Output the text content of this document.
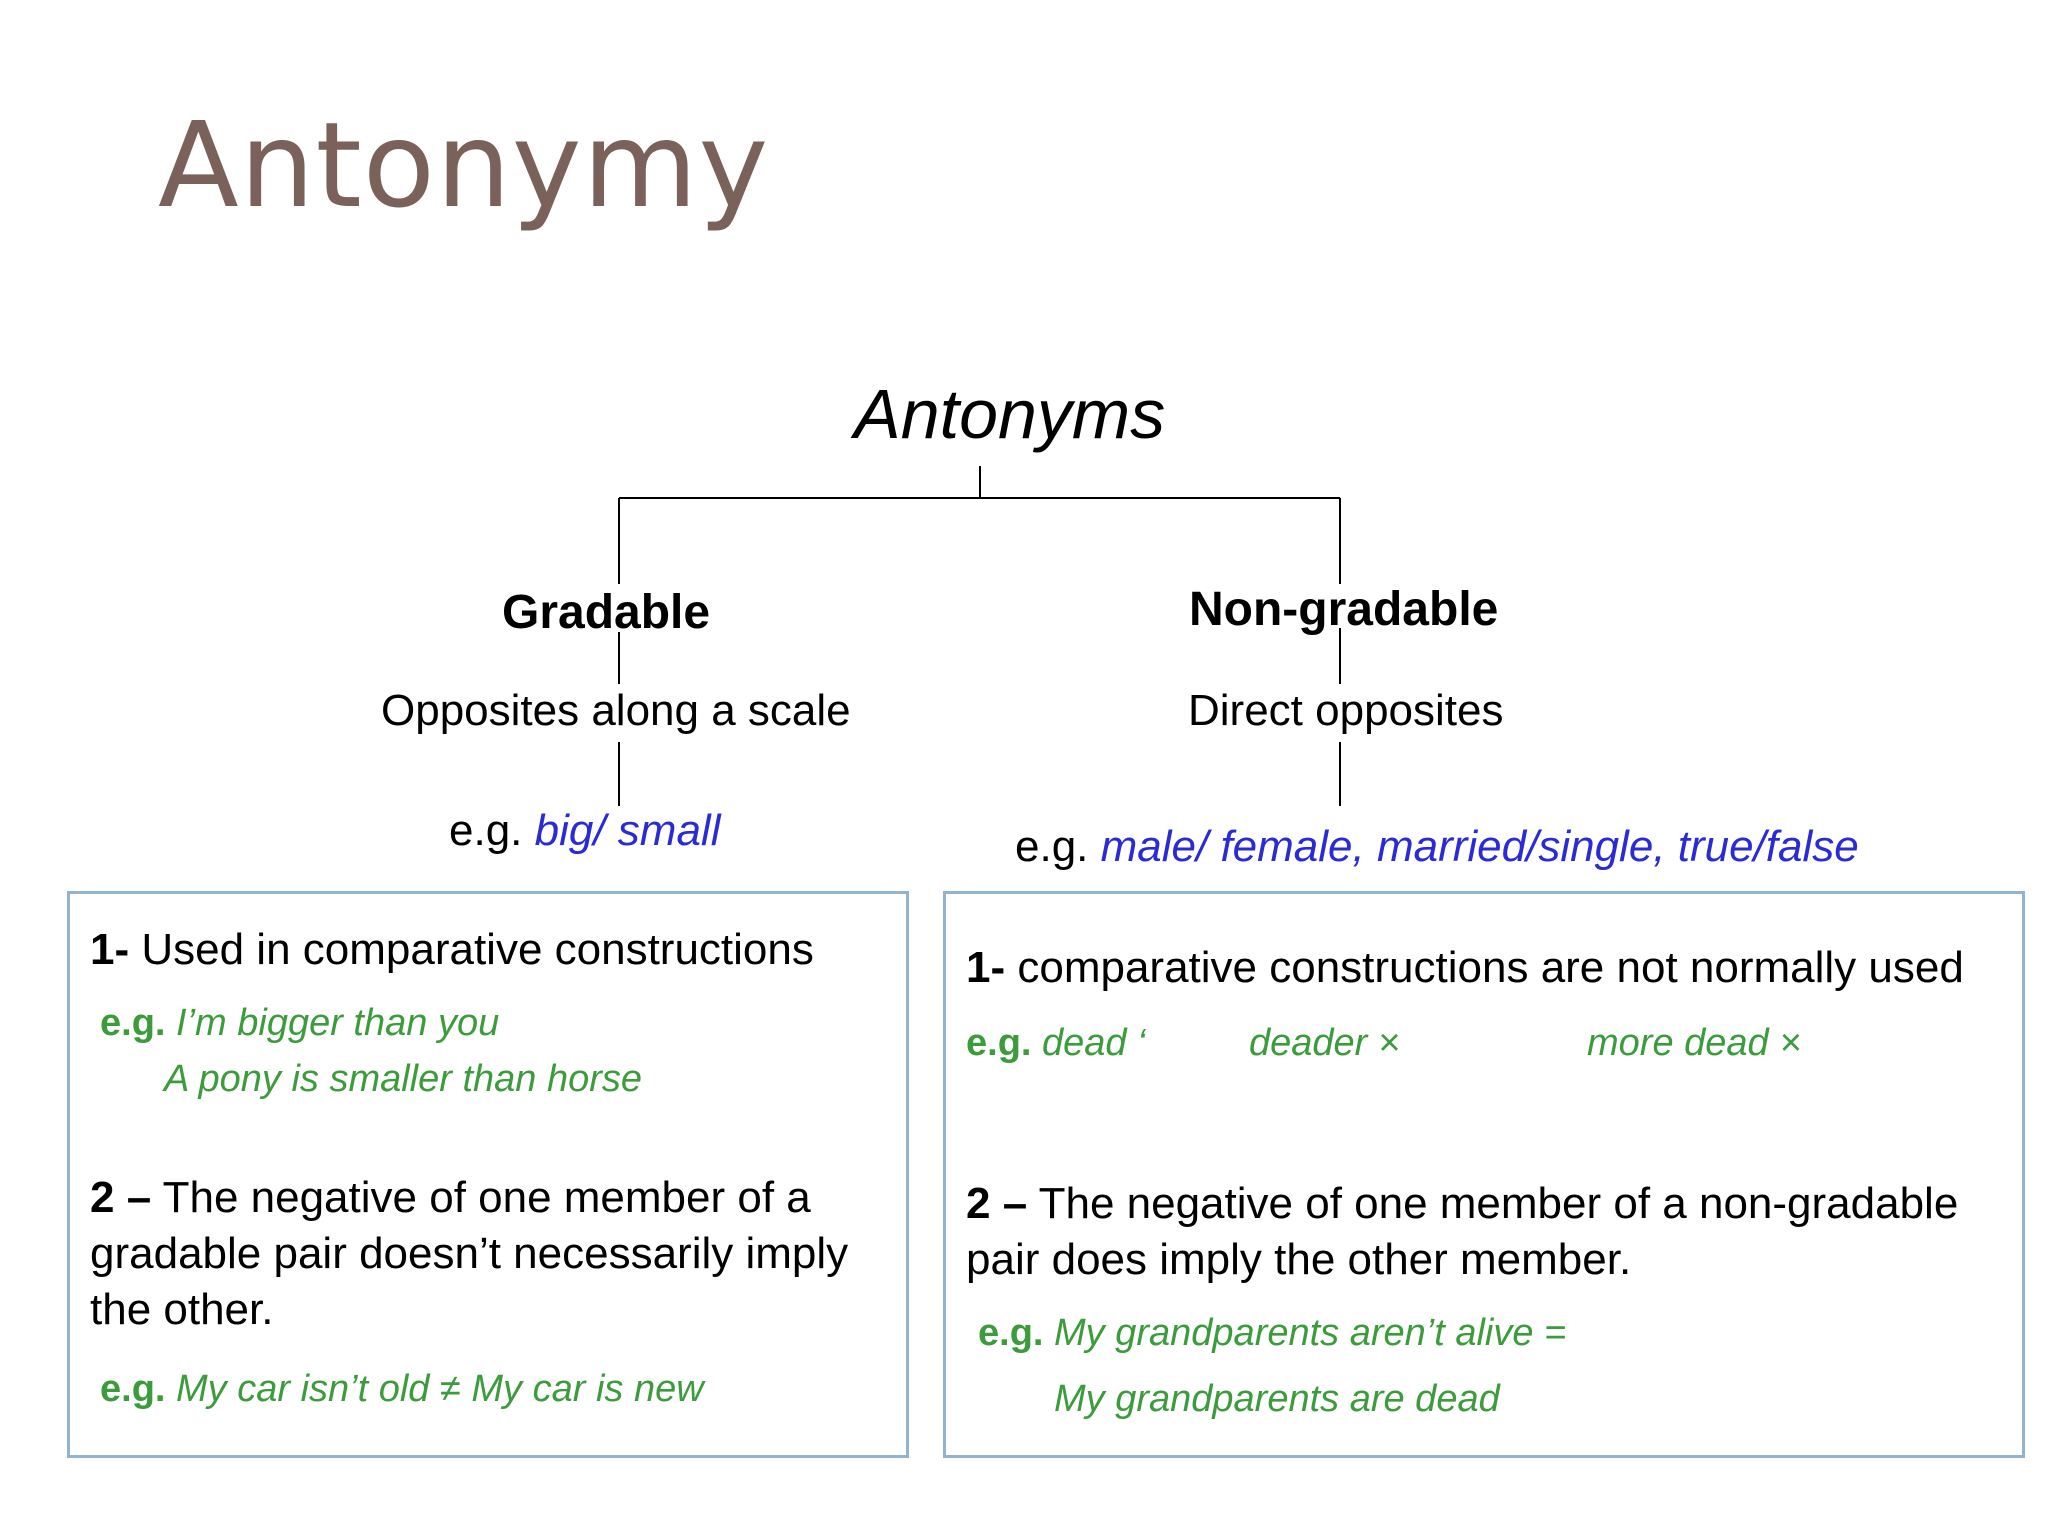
Antonymy
Antonyms
Gradable	Non-gradable
Opposites along a scale	Direct opposites
e.g. big/ small	e.g. male/ female, married/single, true/false
1- Used in comparative constructions
e.g. I’m bigger than you
A pony is smaller than horse
2 – The negative of one member of a
gradable pair doesn’t necessarily imply
the other.
e.g. My car isn’t old ≠ My car is new
1- comparative constructions are not normally used
e.g. dead ‘	deader ×	more dead ×
2 – The negative of one member of a non-gradable
pair does imply the other member.
e.g. My grandparents aren’t alive =
My grandparents are dead
